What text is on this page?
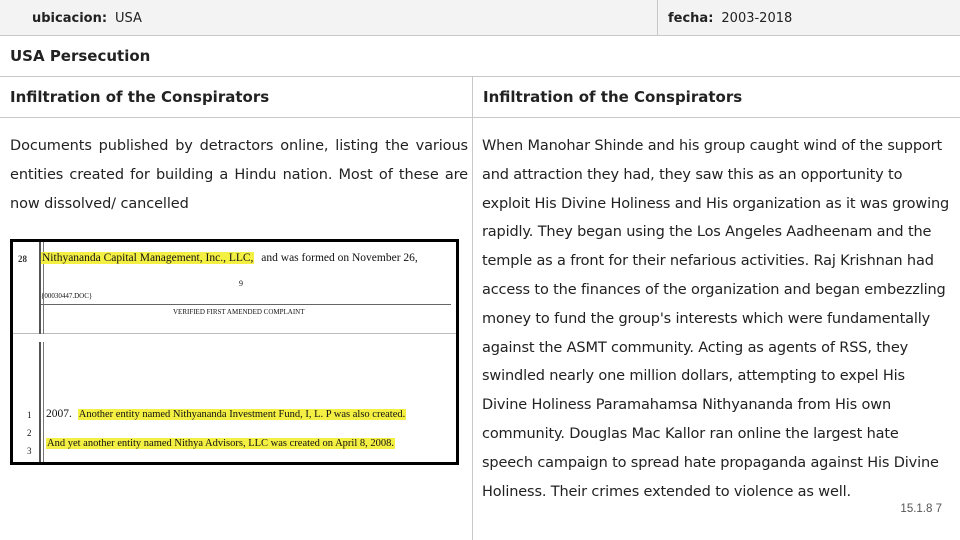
ubicacion: USA	fecha: 2003-2018
USA Persecution
Infiltration of the Conspirators	Infiltration of the Conspirators

Documents published by detractors online, listing the various entities created for building a Hindu nation. Most of these are now dissolved/ cancelled

28 Nithyananda Capital Management, Inc., LLC, and was formed on November 26,
9
{00030447.DOC}
VERIFIED FIRST AMENDED COMPLAINT
1 2007. Another entity named Nithyananda Investment Fund, I, L. P was also created.
2
3
And yet another entity named Nithya Advisors, LLC was created on April 8, 2008.

When Manohar Shinde and his group caught wind of the support and attraction they had, they saw this as an opportunity to exploit His Divine Holiness and His organization as it was growing rapidly. They began using the Los Angeles Aadheenam and the temple as a front for their nefarious activities. Raj Krishnan had access to the finances of the organization and began embezzling money to fund the group's interests which were fundamentally against the ASMT community. Acting as agents of RSS, they swindled nearly one million dollars, attempting to expel His Divine Holiness Paramahamsa Nithyananda from His own community. Douglas Mac Kallor ran online the largest hate speech campaign to spread hate propaganda against His Divine Holiness. Their crimes extended to violence as well.

15.1.8 7
